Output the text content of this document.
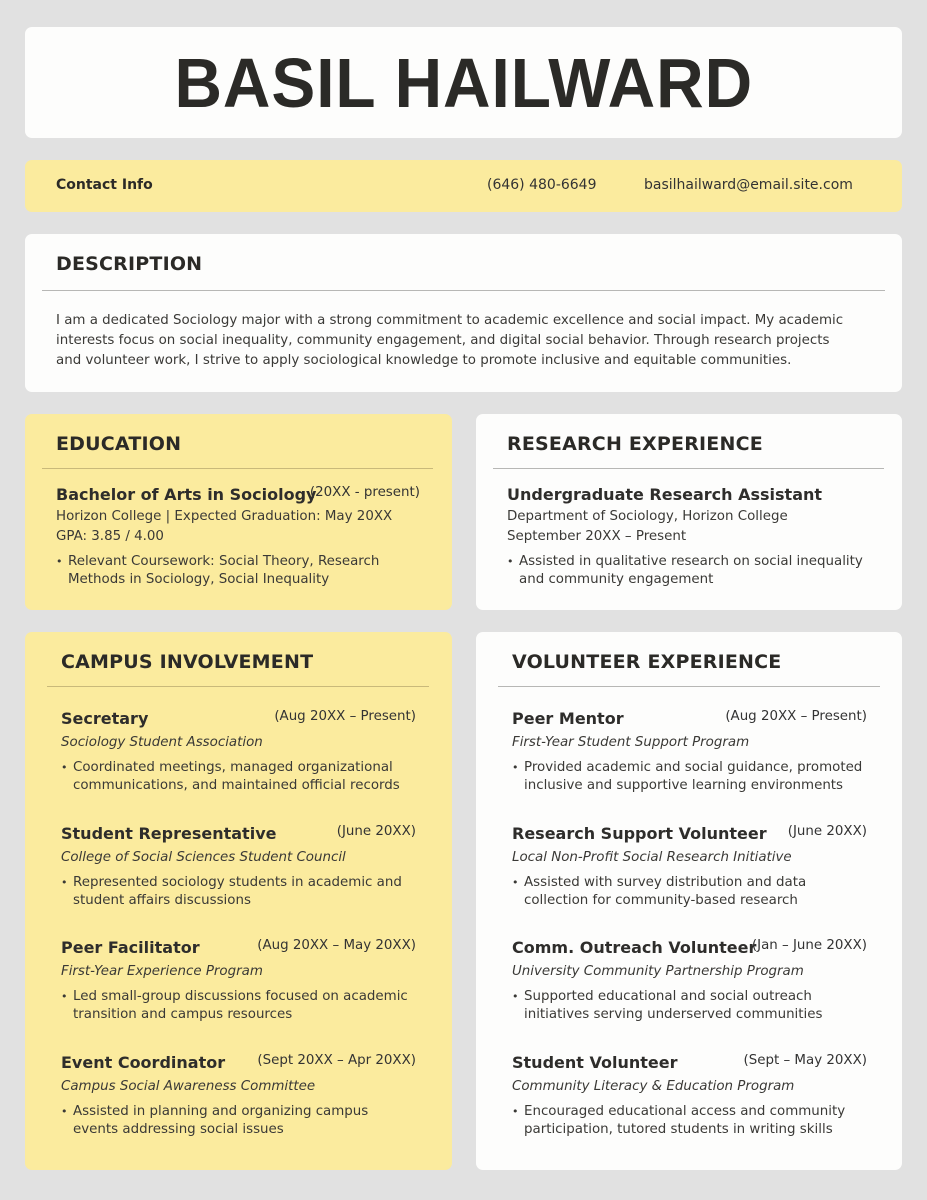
BASIL HAILWARD
Contact Info	(646) 480-6649	basilhailward@email.site.com
DESCRIPTION

I am a dedicated Sociology major with a strong commitment to academic excellence and social impact. My academic interests focus on social inequality, community engagement, and digital social behavior. Through research projects and volunteer work, I strive to apply sociological knowledge to promote inclusive and equitable communities.

EDUCATION
Bachelor of Arts in Sociology
(20XX - present)
Horizon College | Expected Graduation: May 20XX
GPA: 3.85 / 4.00
• Relevant Coursework: Social Theory, Research Methods in Sociology, Social Inequality
RESEARCH EXPERIENCE
Undergraduate Research Assistant
Department of Sociology, Horizon College
September 20XX – Present
• Assisted in qualitative research on social inequality and community engagement
CAMPUS INVOLVEMENT
Secretary	(Aug 20XX – Present)
Sociology Student Association
• Coordinated meetings, managed organizational communications, and maintained official records
Student Representative	(June 20XX)
College of Social Sciences Student Council
• Represented sociology students in academic and student affairs discussions
Peer Facilitator	(Aug 20XX – May 20XX)
First-Year Experience Program
• Led small-group discussions focused on academic transition and campus resources
Event Coordinator (Sept 20XX – Apr 20XX)
Campus Social Awareness Committee
• Assisted in planning and organizing campus events addressing social issues
VOLUNTEER EXPERIENCE
Peer Mentor	(Aug 20XX – Present)
First-Year Student Support Program
• Provided academic and social guidance, promoted inclusive and supportive learning environments
Research Support Volunteer (June 20XX)
Local Non-Profit Social Research Initiative
• Assisted with survey distribution and data collection for community-based research
Comm. Outreach Volunteer
(Jan – June 20XX)
University Community Partnership Program
• Supported educational and social outreach initiatives serving underserved communities
Student Volunteer	(Sept – May 20XX)
Community Literacy & Education Program
• Encouraged educational access and community participation, tutored students in writing skills
